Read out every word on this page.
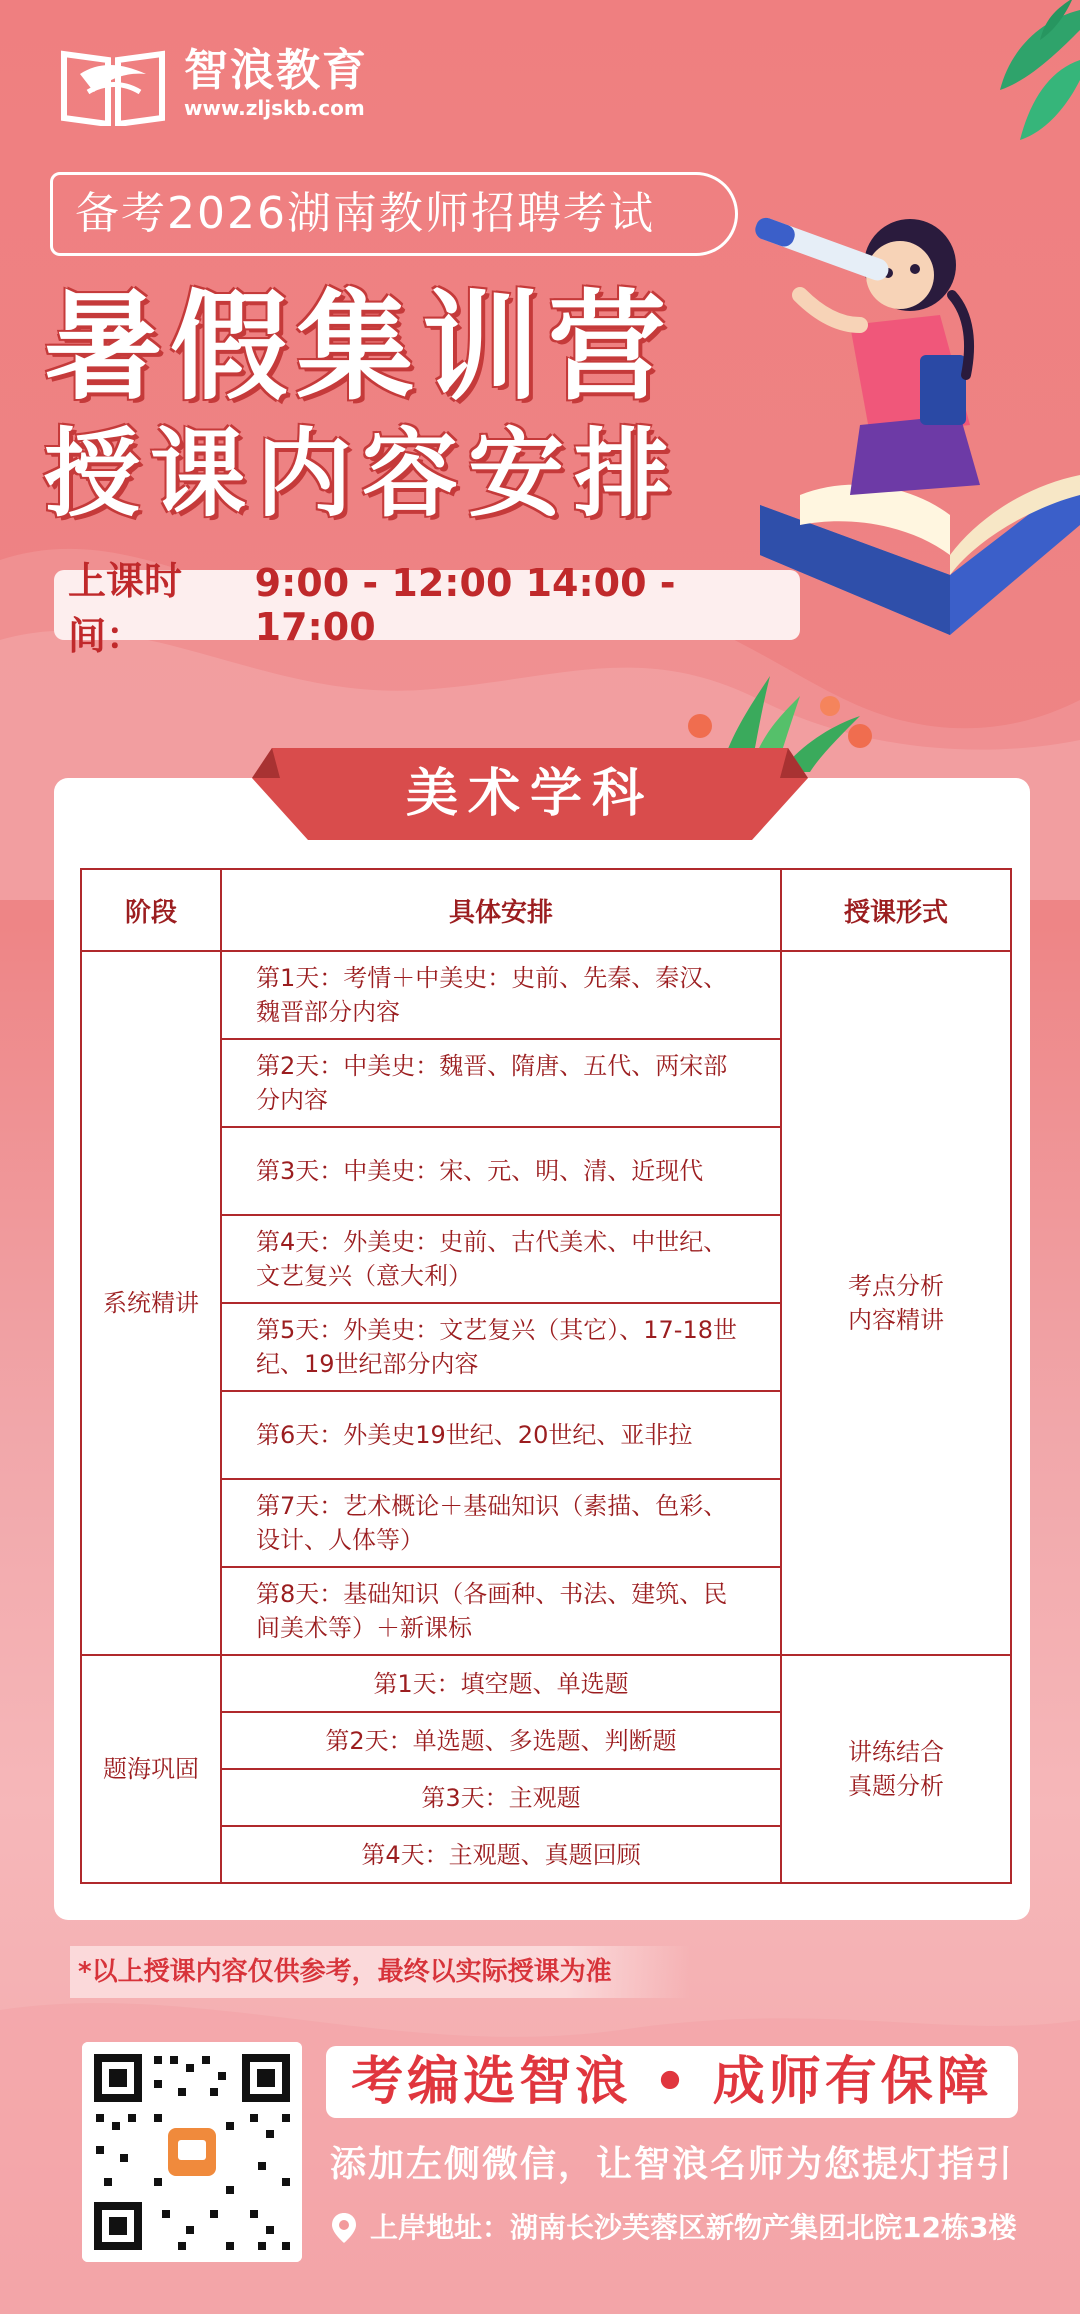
智浪教育
www.zljskb.com
备考2026湖南教师招聘考试
暑假集训营
授课内容安排
上课时间：
9:00 - 12:00 14:00 - 17:00
美术学科
阶段	具体安排	授课形式
系统精讲	第1天：考情＋中美史：史前、先秦、秦汉、魏晋部分内容	考点分析
内容精讲

	第2天：中美史：魏晋、隋唐、五代、两宋部分内容	
	第3天：中美史：宋、元、明、清、近现代	
	第4天：外美史：史前、古代美术、中世纪、文艺复兴（意大利）	
	第5天：外美史：文艺复兴（其它）、17-18世纪、19世纪部分内容	
	第6天：外美史19世纪、20世纪、亚非拉	
	第7天：艺术概论＋基础知识（素描、色彩、设计、人体等）	
	第8天：基础知识（各画种、书法、建筑、民间美术等）＋新课标	
题海巩固	第1天：填空题、单选题	讲练结合
真题分析

	第2天：单选题、多选题、判断题	
	第3天：主观题	
	第4天：主观题、真题回顾	
*以上授课内容仅供参考，最终以实际授课为准
考编选智浪 • 成师有保障
添加左侧微信，让智浪名师为您提灯指引
上岸地址：湖南长沙芙蓉区新物产集团北院12栋3楼
